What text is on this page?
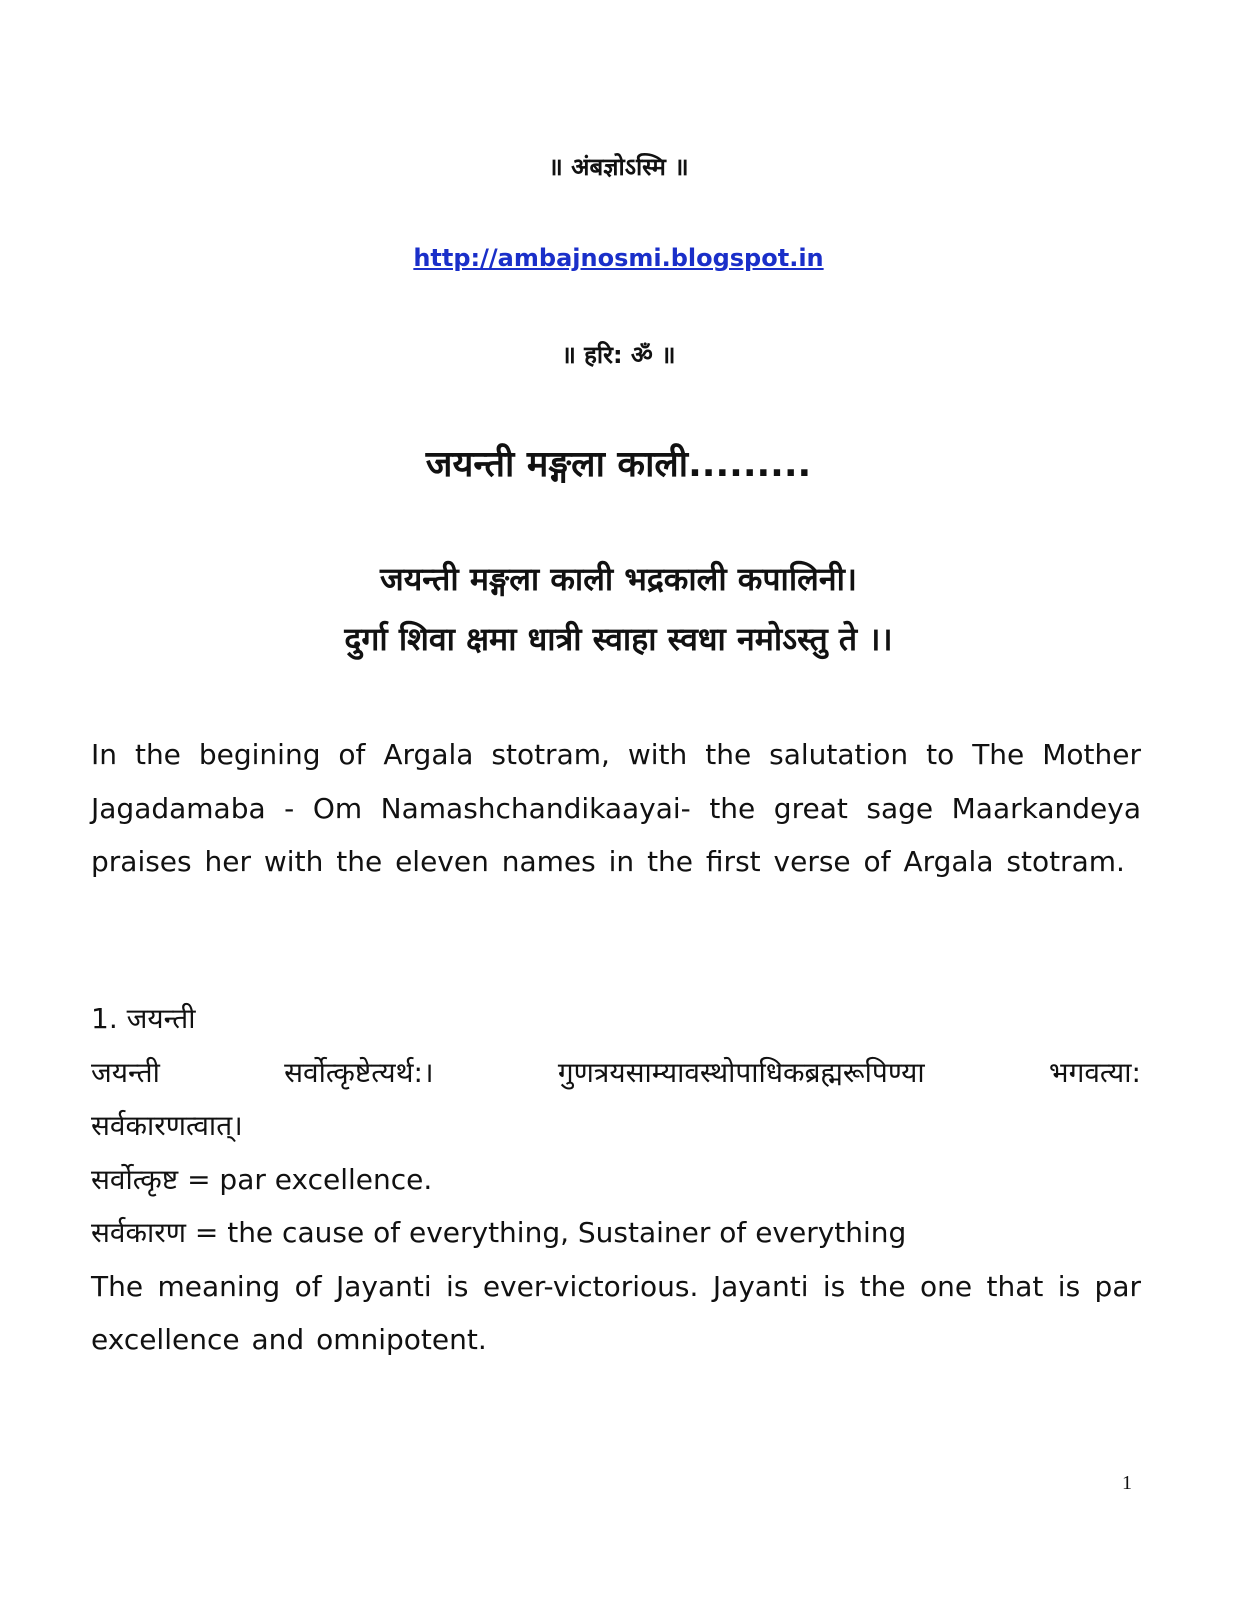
॥ अंबज्ञोऽस्मि ॥
http://ambajnosmi.blogspot.in
॥ हरि: ॐ ॥
जयन्ती मङ्गला काली.........
जयन्ती मङ्गला काली भद्रकाली कपालिनी।
दुर्गा शिवा क्षमा धात्री स्वाहा स्वधा नमोऽस्तु ते ।।
In the begining of Argala stotram, with the salutation to The Mother Jagadamaba - Om Namashchandikaayai- the great sage Maarkandeya praises her with the eleven names in the first verse of Argala stotram.
1. जयन्ती
जयन्ती	सर्वोत्कृष्टेत्यर्थ:।	गुणत्रयसाम्यावस्थोपाधिकब्रह्मरूपिण्या	भगवत्या:
सर्वकारणत्वात्।
सर्वोत्कृष्ट = par excellence.
सर्वकारण = the cause of everything, Sustainer of everything
The meaning of Jayanti is ever-victorious. Jayanti is the one that is par excellence and omnipotent.
1
